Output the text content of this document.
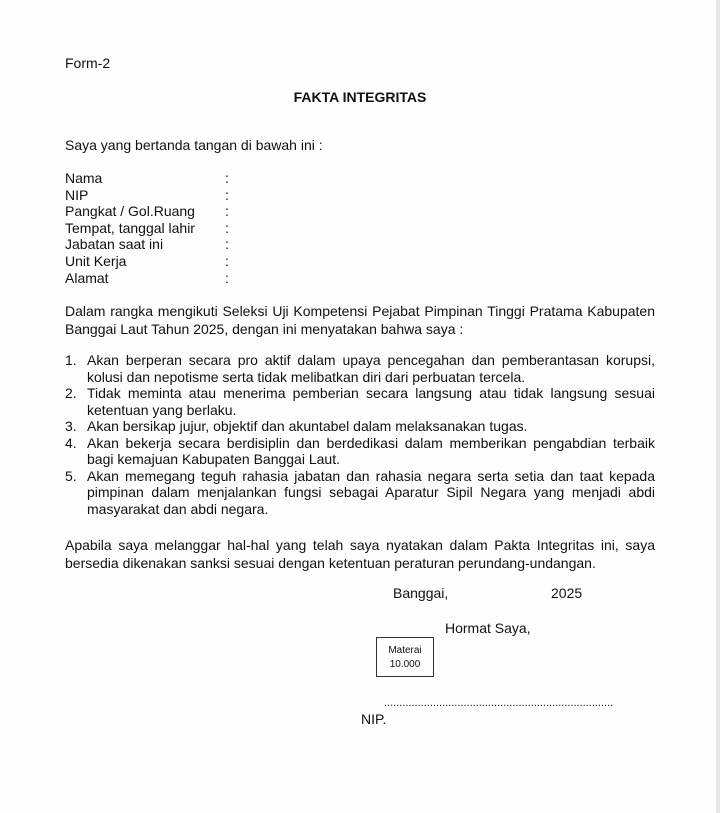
Form-2
FAKTA INTEGRITAS
Saya yang bertanda tangan di bawah ini :
Nama	:
NIP	:
Pangkat / Gol.Ruang :
Tempat, tanggal lahir :
Jabatan saat ini	:
Unit Kerja	:
Alamat	:
Dalam rangka mengikuti Seleksi Uji Kompetensi Pejabat Pimpinan Tinggi Pratama Kabupaten Banggai Laut Tahun 2025, dengan ini menyatakan bahwa saya :
1. Akan berperan secara pro aktif dalam upaya pencegahan dan pemberantasan korupsi, kolusi dan nepotisme serta tidak melibatkan diri dari perbuatan tercela.
2. Tidak meminta atau menerima pemberian secara langsung atau tidak langsung sesuai ketentuan yang berlaku.
3. Akan bersikap jujur, objektif dan akuntabel dalam melaksanakan tugas.
4. Akan bekerja secara berdisiplin dan berdedikasi dalam memberikan pengabdian terbaik bagi kemajuan Kabupaten Banggai Laut.
5. Akan memegang teguh rahasia jabatan dan rahasia negara serta setia dan taat kepada pimpinan dalam menjalankan fungsi sebagai Aparatur Sipil Negara yang menjadi abdi masyarakat dan abdi negara.
Apabila saya melanggar hal-hal yang telah saya nyatakan dalam Pakta Integritas ini, saya bersedia dikenakan sanksi sesuai dengan ketentuan peraturan perundang-undangan.
Banggai,	2025
Hormat Saya,
Materai
10.000
...........................................................................
NIP.
